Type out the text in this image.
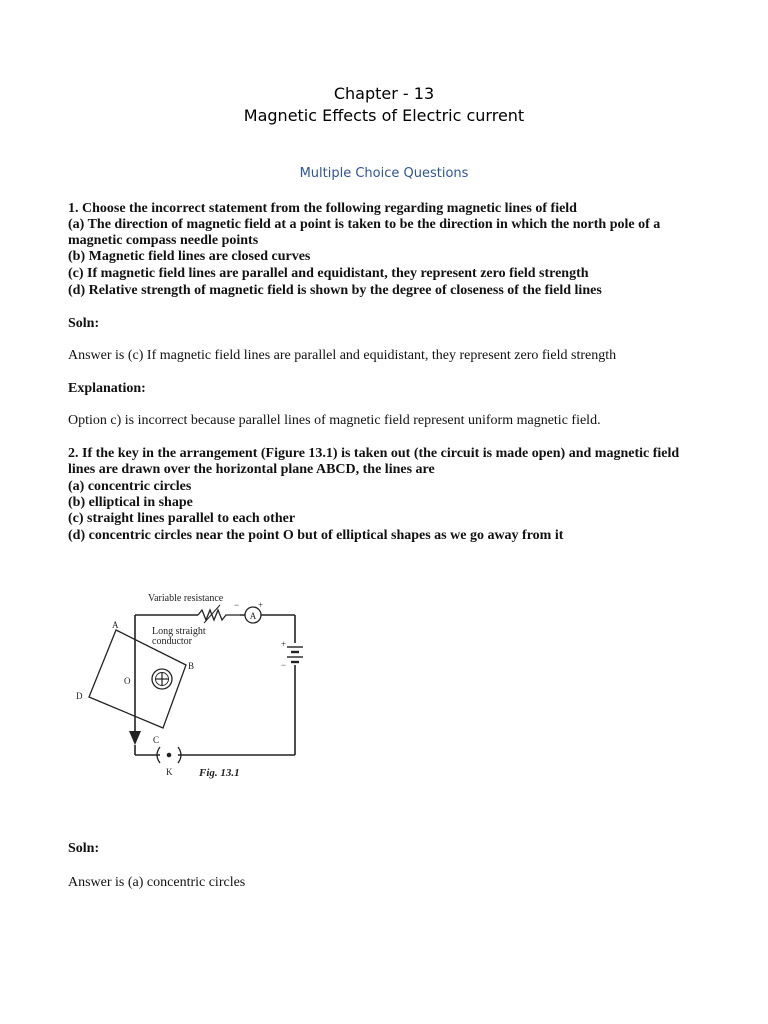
Chapter - 13
Magnetic Effects of Electric current
Multiple Choice Questions
1. Choose the incorrect statement from the following regarding magnetic lines of field
(a) The direction of magnetic field at a point is taken to be the direction in which the north pole of a
magnetic compass needle points
(b) Magnetic field lines are closed curves
(c) If magnetic field lines are parallel and equidistant, they represent zero field strength
(d) Relative strength of magnetic field is shown by the degree of closeness of the field lines
Soln:
Answer is (c) If magnetic field lines are parallel and equidistant, they represent zero field strength
Explanation:
Option c) is incorrect because parallel lines of magnetic field represent uniform magnetic field.
2. If the key in the arrangement (Figure 13.1) is taken out (the circuit is made open) and magnetic field
lines are drawn over the horizontal plane ABCD, the lines are
(a) concentric circles
(b) elliptical in shape
(c) straight lines parallel to each other
(d) concentric circles near the point O but of elliptical shapes as we go away from it
Variable resistance
Long straight
conductor
A
− +
+
−
A
B
C
D
O
K Fig. 13.1
Soln:
Answer is (a) concentric circles
